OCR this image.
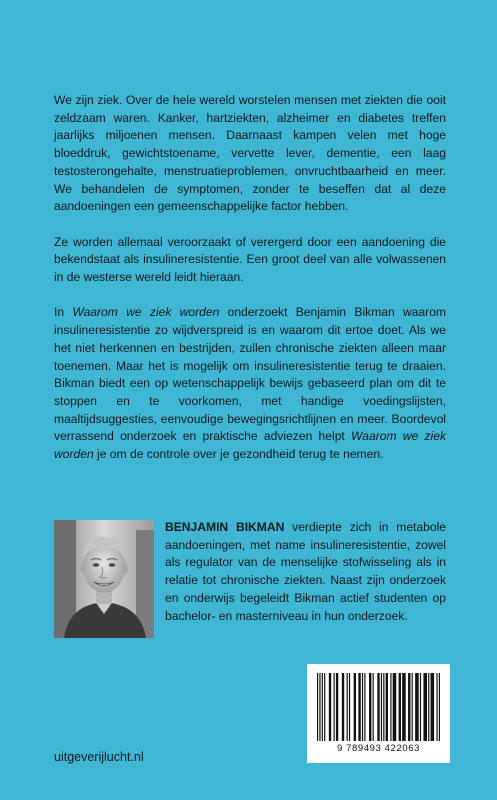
We zijn ziek. Over de hele wereld worstelen mensen met ziekten die ooit zeldzaam waren. Kanker, hartziekten, alzheimer en diabetes treffen jaarlijks miljoenen mensen. Daarnaast kampen velen met hoge bloeddruk, gewichtstoename, vervette lever, dementie, een laag testosterongehalte, menstruatieproblemen, onvruchtbaarheid en meer. We behandelen de symptomen, zonder te beseffen dat al deze aandoeningen een gemeenschappelijke factor hebben.

Ze worden allemaal veroorzaakt of verergerd door een aandoening die bekendstaat als insulineresistentie. Een groot deel van alle volwassenen in de westerse wereld leidt hieraan.

In Waarom we ziek worden onderzoekt Benjamin Bikman waarom insulineresistentie zo wijdverspreid is en waarom dit ertoe doet. Als we het niet herkennen en bestrijden, zullen chronische ziekten alleen maar toenemen. Maar het is mogelijk om insulineresistentie terug te draaien. Bikman biedt een op wetenschappelijk bewijs gebaseerd plan om dit te stoppen en te voorkomen, met handige voedingslijsten, maaltijdsuggesties, eenvoudige bewegingsrichtlijnen en meer. Boordevol verrassend onderzoek en praktische adviezen helpt Waarom we ziek worden je om de controle over je gezondheid terug te nemen.

BENJAMIN BIKMAN verdiepte zich in metabole aandoeningen, met name insulineresistentie, zowel als regulator van de menselijke stofwisseling als in relatie tot chronische ziekten. Naast zijn onderzoek en onderwijs begeleidt Bikman actief studenten op bachelor- en masterniveau in hun onderzoek.

uitgeverijlucht.nl
9 789493 422063
